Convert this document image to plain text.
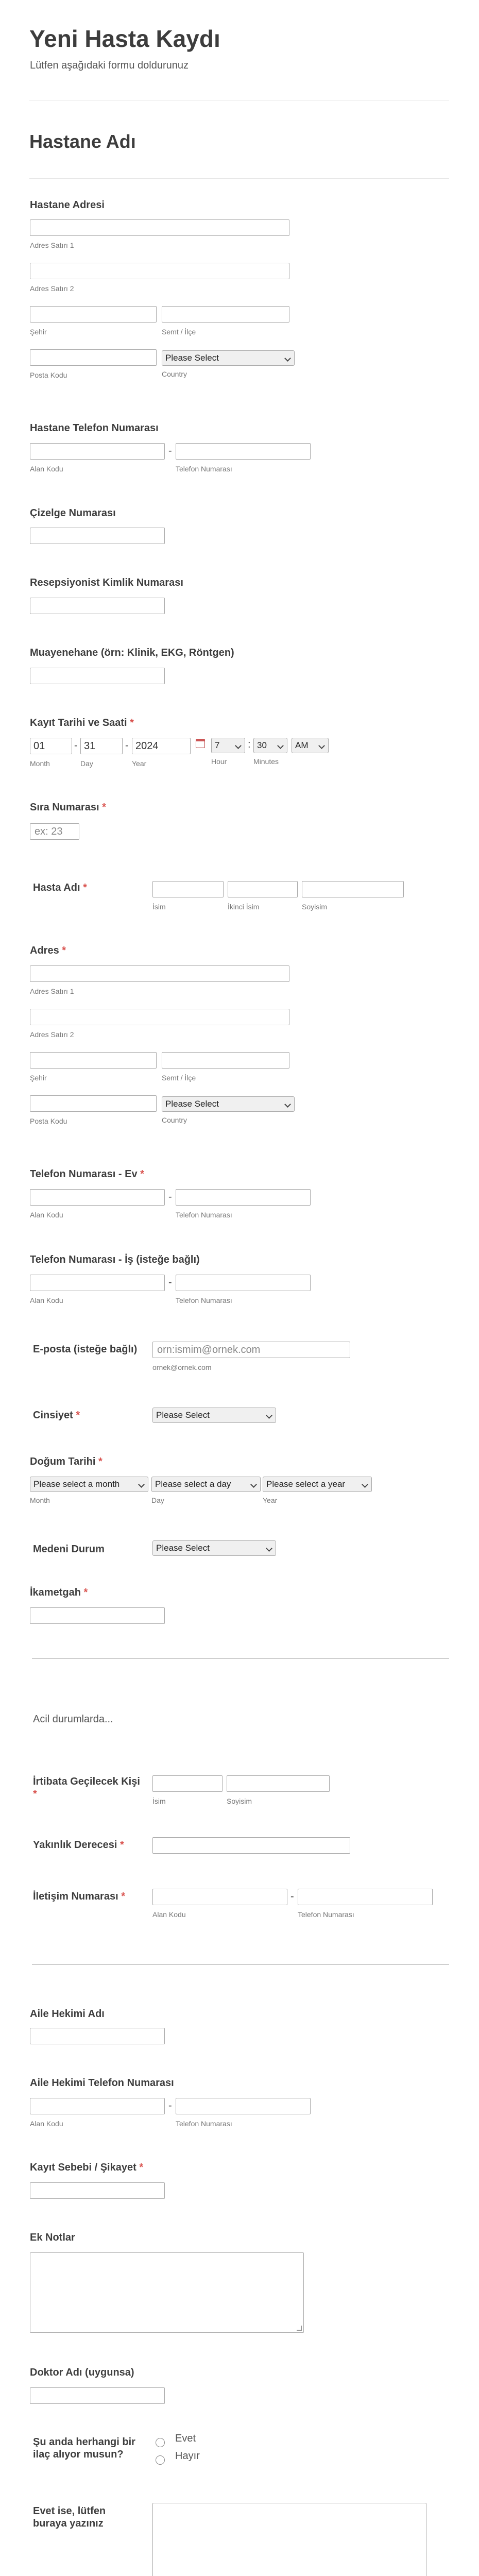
Yeni Hasta Kaydı
Lütfen aşağıdaki formu doldurunuz
Hastane Adı
Hastane Adresi
Adres Satırı 1
Adres Satırı 2
Şehir	Semt / İlçe
Posta Kodu
Please Select
Country
Hastane Telefon Numarası
-
Alan Kodu	Telefon Numarası
Çizelge Numarası
Resepsiyonist Kimlik Numarası
Muayenehane (örn: Klinik, EKG, Röntgen)
Kayıt Tarihi ve Saati *
01	- 31	- 2024	7	: 30	AM
Month	Day	Year	Hour	Minutes
Sıra Numarası *
ex: 23
Hasta Adı *
İsim	İkinci İsim	Soyisim
Adres *
Adres Satırı 1
Adres Satırı 2
Şehir	Semt / İlçe
Posta Kodu
Please Select
Country
Telefon Numarası - Ev *
-
Alan Kodu	Telefon Numarası
Telefon Numarası - İş (isteğe bağlı)
-
Alan Kodu	Telefon Numarası
E-posta (isteğe bağlı)	orn:ismim@ornek.com
ornek@ornek.com
Cinsiyet *	Please Select
Doğum Tarihi *
Please select a month	Please select a day	Please select a year
Month	Day	Year
Medeni Durum	Please Select
İkametgah *
Acil durumlarda...
İrtibata Geçilecek Kişi *
İsim	Soyisim
Yakınlık Derecesi *
İletişim Numarası *	-
Alan Kodu	Telefon Numarası
Aile Hekimi Adı
Aile Hekimi Telefon Numarası
-
Alan Kodu	Telefon Numarası
Kayıt Sebebi / Şikayet *
Ek Notlar
Doktor Adı (uygunsa)
Şu anda herhangi bir ilaç alıyor musun?
Evet
Hayır
Evet ise, lütfen buraya yazınız
